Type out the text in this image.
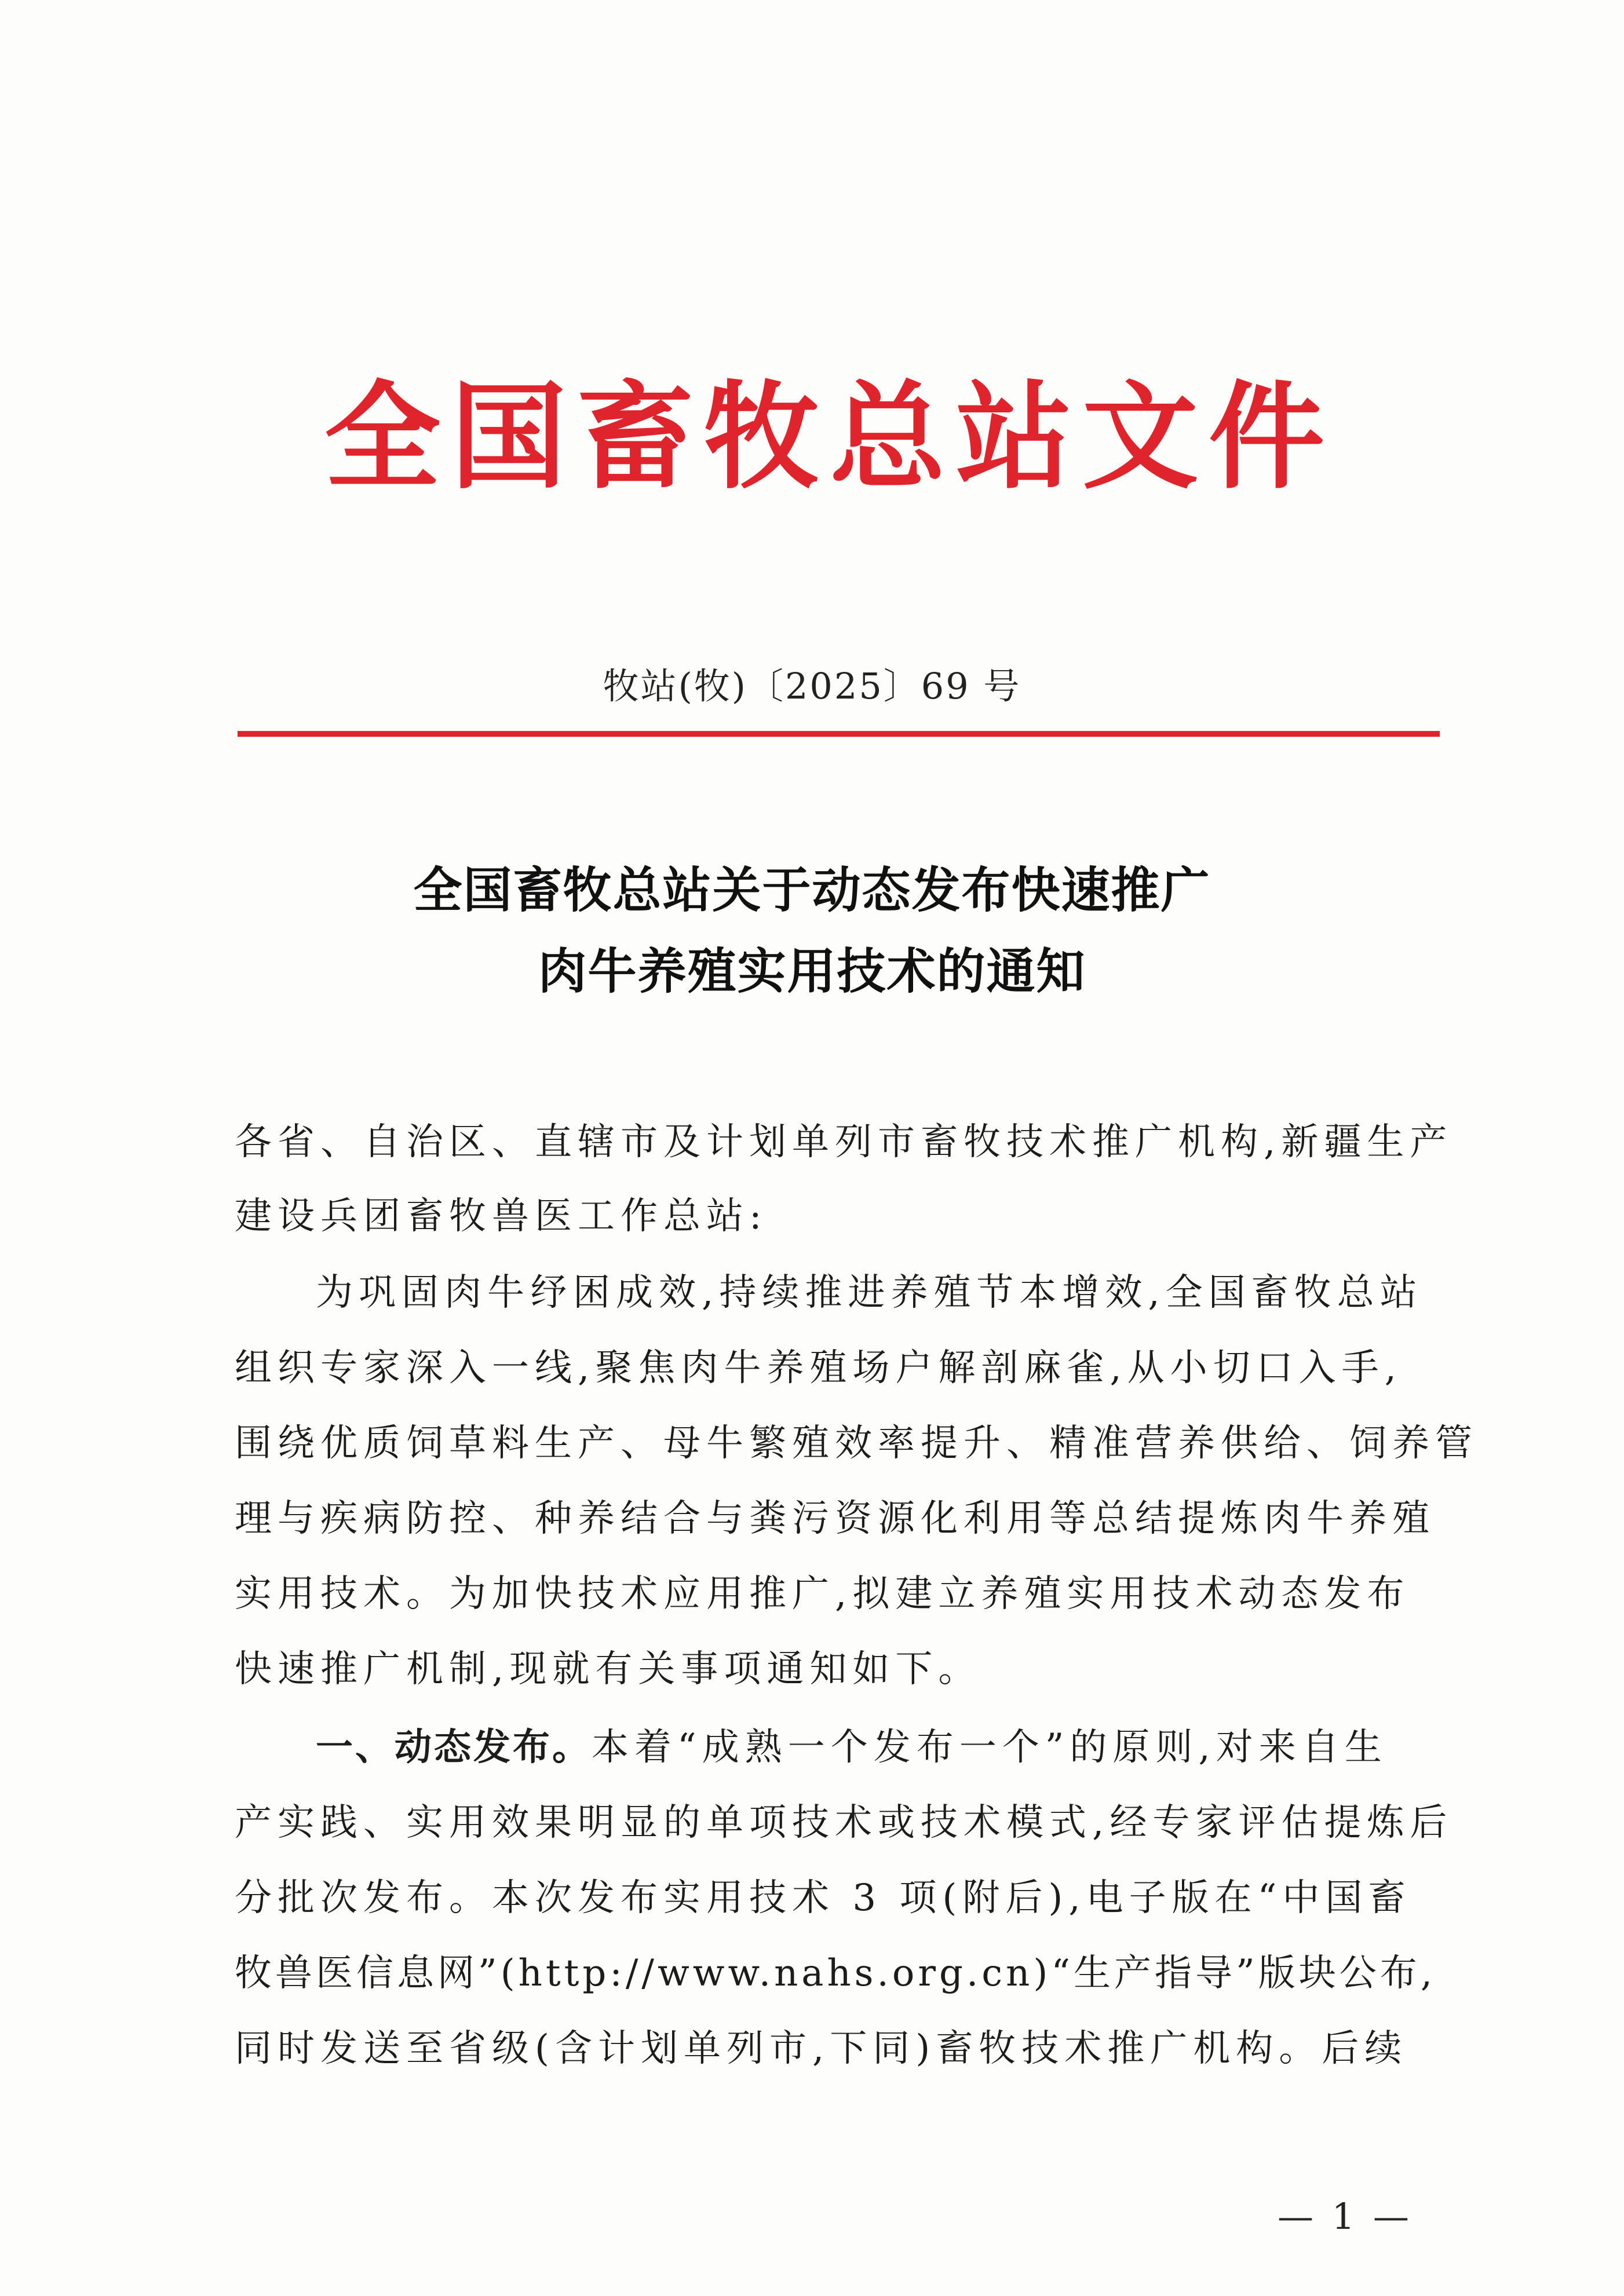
全国畜牧总站文件
牧站(牧)〔2025〕69 号
全国畜牧总站关于动态发布快速推广
肉牛养殖实用技术的通知
各省、自治区、直辖市及计划单列市畜牧技术推广机构,新疆生产
建设兵团畜牧兽医工作总站:
为巩固肉牛纾困成效,持续推进养殖节本增效,全国畜牧总站
组织专家深入一线,聚焦肉牛养殖场户解剖麻雀,从小切口入手,
围绕优质饲草料生产、母牛繁殖效率提升、精准营养供给、饲养管
理与疾病防控、种养结合与粪污资源化利用等总结提炼肉牛养殖
实用技术。为加快技术应用推广,拟建立养殖实用技术动态发布
快速推广机制,现就有关事项通知如下。
一、动态发布。本着“成熟一个发布一个”的原则,对来自生
产实践、实用效果明显的单项技术或技术模式,经专家评估提炼后
分批次发布。本次发布实用技术 3 项(附后),电子版在“中国畜
牧兽医信息网”(http://www.nahs.org.cn)“生产指导”版块公布,
同时发送至省级(含计划单列市,下同)畜牧技术推广机构。后续
— 1 —
